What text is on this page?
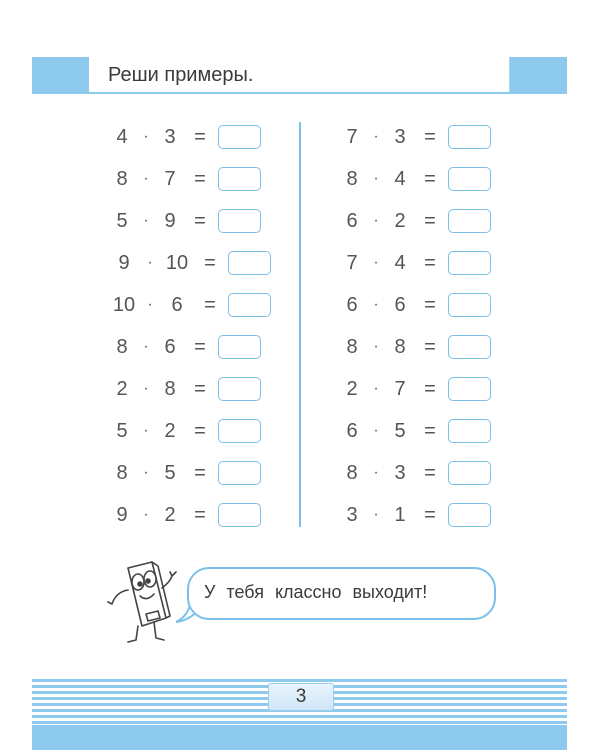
Реши примеры.
4 · 3 =
8 · 7 =
5 · 9 =
9	· 10 =
10 · 6	=
8 · 6 =
2 · 8 =
5 · 2 =
8 · 5 =
9 · 2 =
7 · 3 =
8 · 4 =
6 · 2 =
7 · 4 =
6 · 6 =
8 · 8 =
2 · 7 =
6 · 5 =
8 · 3 =
3 · 1 =
У тебя классно выходит!
3
